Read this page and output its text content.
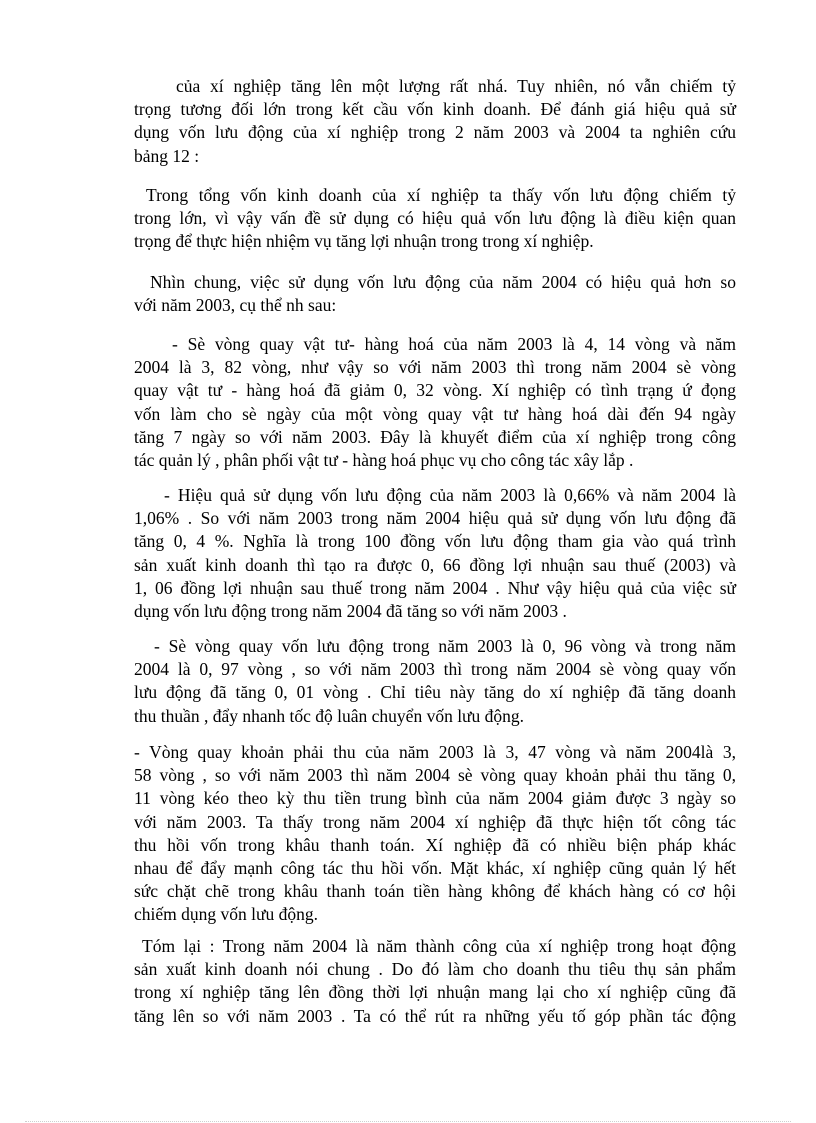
của xí nghiệp tăng lên một lượng rất nhá. Tuy nhiên, nó vẫn chiếm tỷ
trọng tương đối lớn trong kết cầu vốn kinh doanh. Để đánh giá hiệu quả sử
dụng vốn lưu động của xí nghiệp trong 2 năm 2003 và 2004 ta nghiên cứu
bảng 12 :
Trong tổng vốn kinh doanh của xí nghiệp ta thấy vốn lưu động chiếm tỷ
trong lớn, vì vậy vấn đề sử dụng có hiệu quả vốn lưu động là điều kiện quan
trọng để thực hiện nhiệm vụ tăng lợi nhuận trong trong xí nghiệp.
Nhìn chung, việc sử dụng vốn lưu động của năm 2004 có hiệu quả hơn so
với năm 2003, cụ thể nh sau:
- Sè vòng quay vật tư- hàng hoá của năm 2003 là 4, 14 vòng và năm
2004 là 3, 82 vòng, như vậy so với năm 2003 thì trong năm 2004 sè vòng
quay vật tư - hàng hoá đã giảm 0, 32 vòng. Xí nghiệp có tình trạng ứ đọng
vốn làm cho sè ngày của một vòng quay vật tư hàng hoá dài đến 94 ngày
tăng 7 ngày so với năm 2003. Đây là khuyết điểm của xí nghiệp trong công
tác quản lý , phân phối vật tư - hàng hoá phục vụ cho công tác xây lắp .
- Hiệu quả sử dụng vốn lưu động của năm 2003 là 0,66% và năm 2004 là
1,06% . So với năm 2003 trong năm 2004 hiệu quả sử dụng vốn lưu động đã
tăng 0, 4 %. Nghĩa là trong 100 đồng vốn lưu động tham gia vào quá trình
sản xuất kinh doanh thì tạo ra được 0, 66 đồng lợi nhuận sau thuế (2003) và
1, 06 đồng lợi nhuận sau thuế trong năm 2004 . Như vậy hiệu quả của việc sử
dụng vốn lưu động trong năm 2004 đã tăng so với năm 2003 .
- Sè vòng quay vốn lưu động trong năm 2003 là 0, 96 vòng và trong năm
2004 là 0, 97 vòng , so với năm 2003 thì trong năm 2004 sè vòng quay vốn
lưu động đã tăng 0, 01 vòng . Chỉ tiêu này tăng do xí nghiệp đã tăng doanh
thu thuần , đẩy nhanh tốc độ luân chuyển vốn lưu động.
- Vòng quay khoản phải thu của năm 2003 là 3, 47 vòng và năm 2004là 3,
58 vòng , so với năm 2003 thì năm 2004 sè vòng quay khoản phải thu tăng 0,
11 vòng kéo theo kỳ thu tiền trung bình của năm 2004 giảm được 3 ngày so
với năm 2003. Ta thấy trong năm 2004 xí nghiệp đã thực hiện tốt công tác
thu hồi vốn trong khâu thanh toán. Xí nghiệp đã có nhiều biện pháp khác
nhau để đẩy mạnh công tác thu hồi vốn. Mặt khác, xí nghiệp cũng quản lý hết
sức chặt chẽ trong khâu thanh toán tiền hàng không để khách hàng có cơ hội
chiếm dụng vốn lưu động.
Tóm lại : Trong năm 2004 là năm thành công của xí nghiệp trong hoạt động
sản xuất kinh doanh nói chung . Do đó làm cho doanh thu tiêu thụ sản phẩm
trong xí nghiệp tăng lên đồng thời lợi nhuận mang lại cho xí nghiệp cũng đã
tăng lên so với năm 2003 . Ta có thể rút ra những yếu tố góp phần tác động
